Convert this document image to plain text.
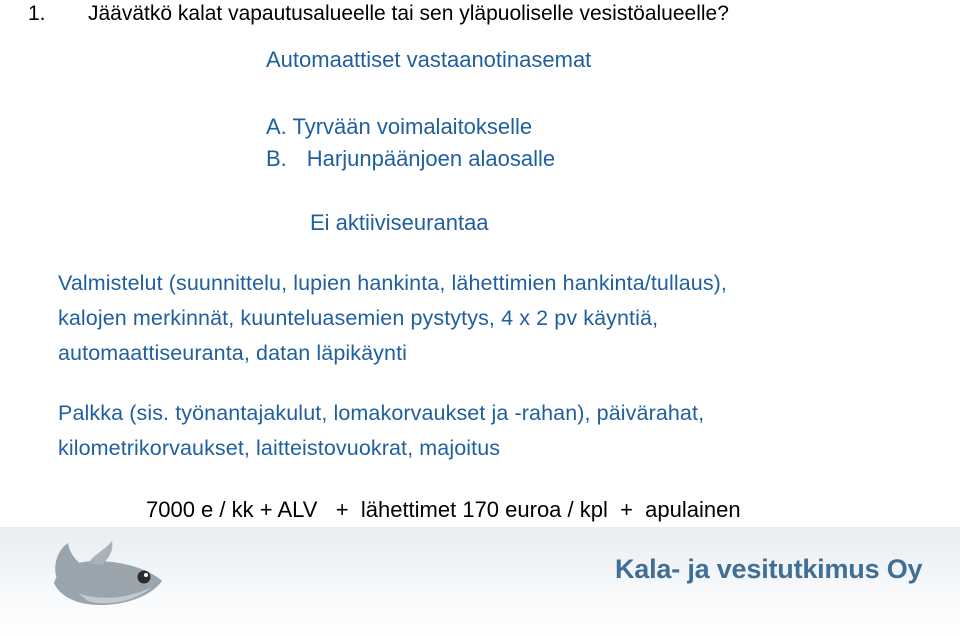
1. Jäävätkö kalat vapautusalueelle tai sen yläpuoliselle vesistöalueelle?
Automaattiset vastaanotinasemat
A. Tyrvään voimalaitokselle
B. Harjunpäänjoen alaosalle
Ei aktiiviseurantaa
Valmistelut (suunnittelu, lupien hankinta, lähettimien hankinta/tullaus),
kalojen merkinnät, kuunteluasemien pystytys, 4 x 2 pv käyntiä,
automaattiseuranta, datan läpikäynti
Palkka (sis. työnantajakulut, lomakorvaukset ja -rahan), päivärahat,
kilometrikorvaukset, laitteistovuokrat, majoitus
7000 e / kk + ALV   +  lähettimet 170 euroa / kpl  +  apulainen
Kala- ja vesitutkimus Oy
